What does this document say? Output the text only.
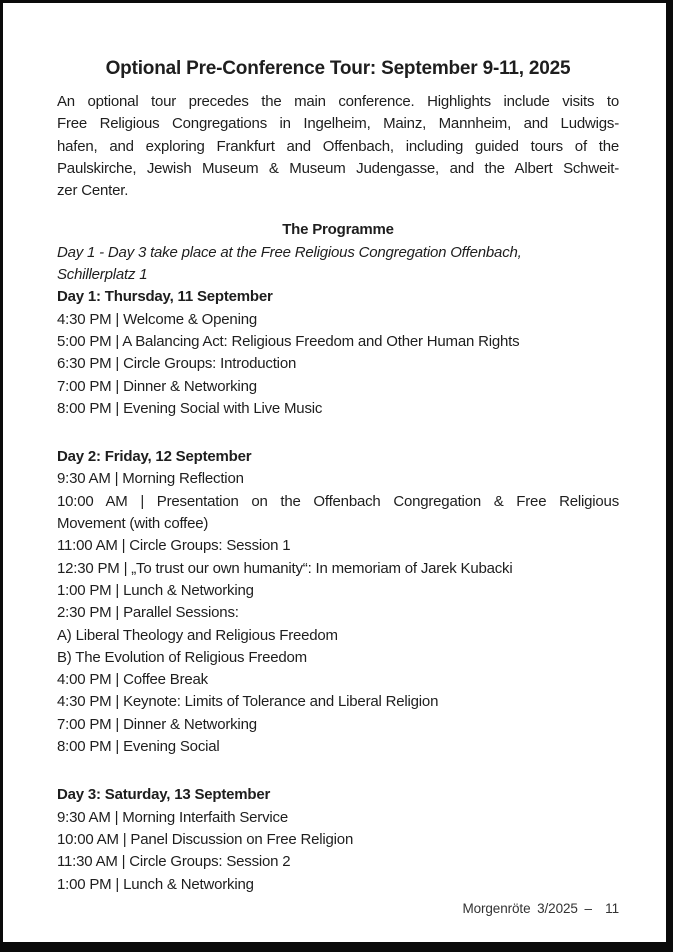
Optional Pre-Conference Tour: September 9-11, 2025
An optional tour precedes the main conference. Highlights include visits to
Free Religious Congregations in Ingelheim, Mainz, Mannheim, and Ludwigs-
hafen, and exploring Frankfurt and Offenbach, including guided tours of the
Paulskirche, Jewish Museum & Museum Judengasse, and the Albert Schweit-
zer Center.
The Programme
Day 1 - Day 3 take place at the Free Religious Congregation Offenbach,
Schillerplatz 1
Day 1: Thursday, 11 September
4:30 PM | Welcome & Opening
5:00 PM | A Balancing Act: Religious Freedom and Other Human Rights
6:30 PM | Circle Groups: Introduction
7:00 PM | Dinner & Networking
8:00 PM | Evening Social with Live Music
Day 2: Friday, 12 September
9:30 AM | Morning Reflection
10:00 AM | Presentation on the Offenbach Congregation & Free Religious
Movement (with coffee)
11:00 AM | Circle Groups: Session 1
12:30 PM | „To trust our own humanity“: In memoriam of Jarek Kubacki
1:00 PM | Lunch & Networking
2:30 PM | Parallel Sessions:
A) Liberal Theology and Religious Freedom
B) The Evolution of Religious Freedom
4:00 PM | Coffee Break
4:30 PM | Keynote: Limits of Tolerance and Liberal Religion
7:00 PM | Dinner & Networking
8:00 PM | Evening Social
Day 3: Saturday, 13 September
9:30 AM | Morning Interfaith Service
10:00 AM | Panel Discussion on Free Religion
11:30 AM | Circle Groups: Session 2
1:00 PM | Lunch & Networking
Morgenröte 3/2025 –  11
